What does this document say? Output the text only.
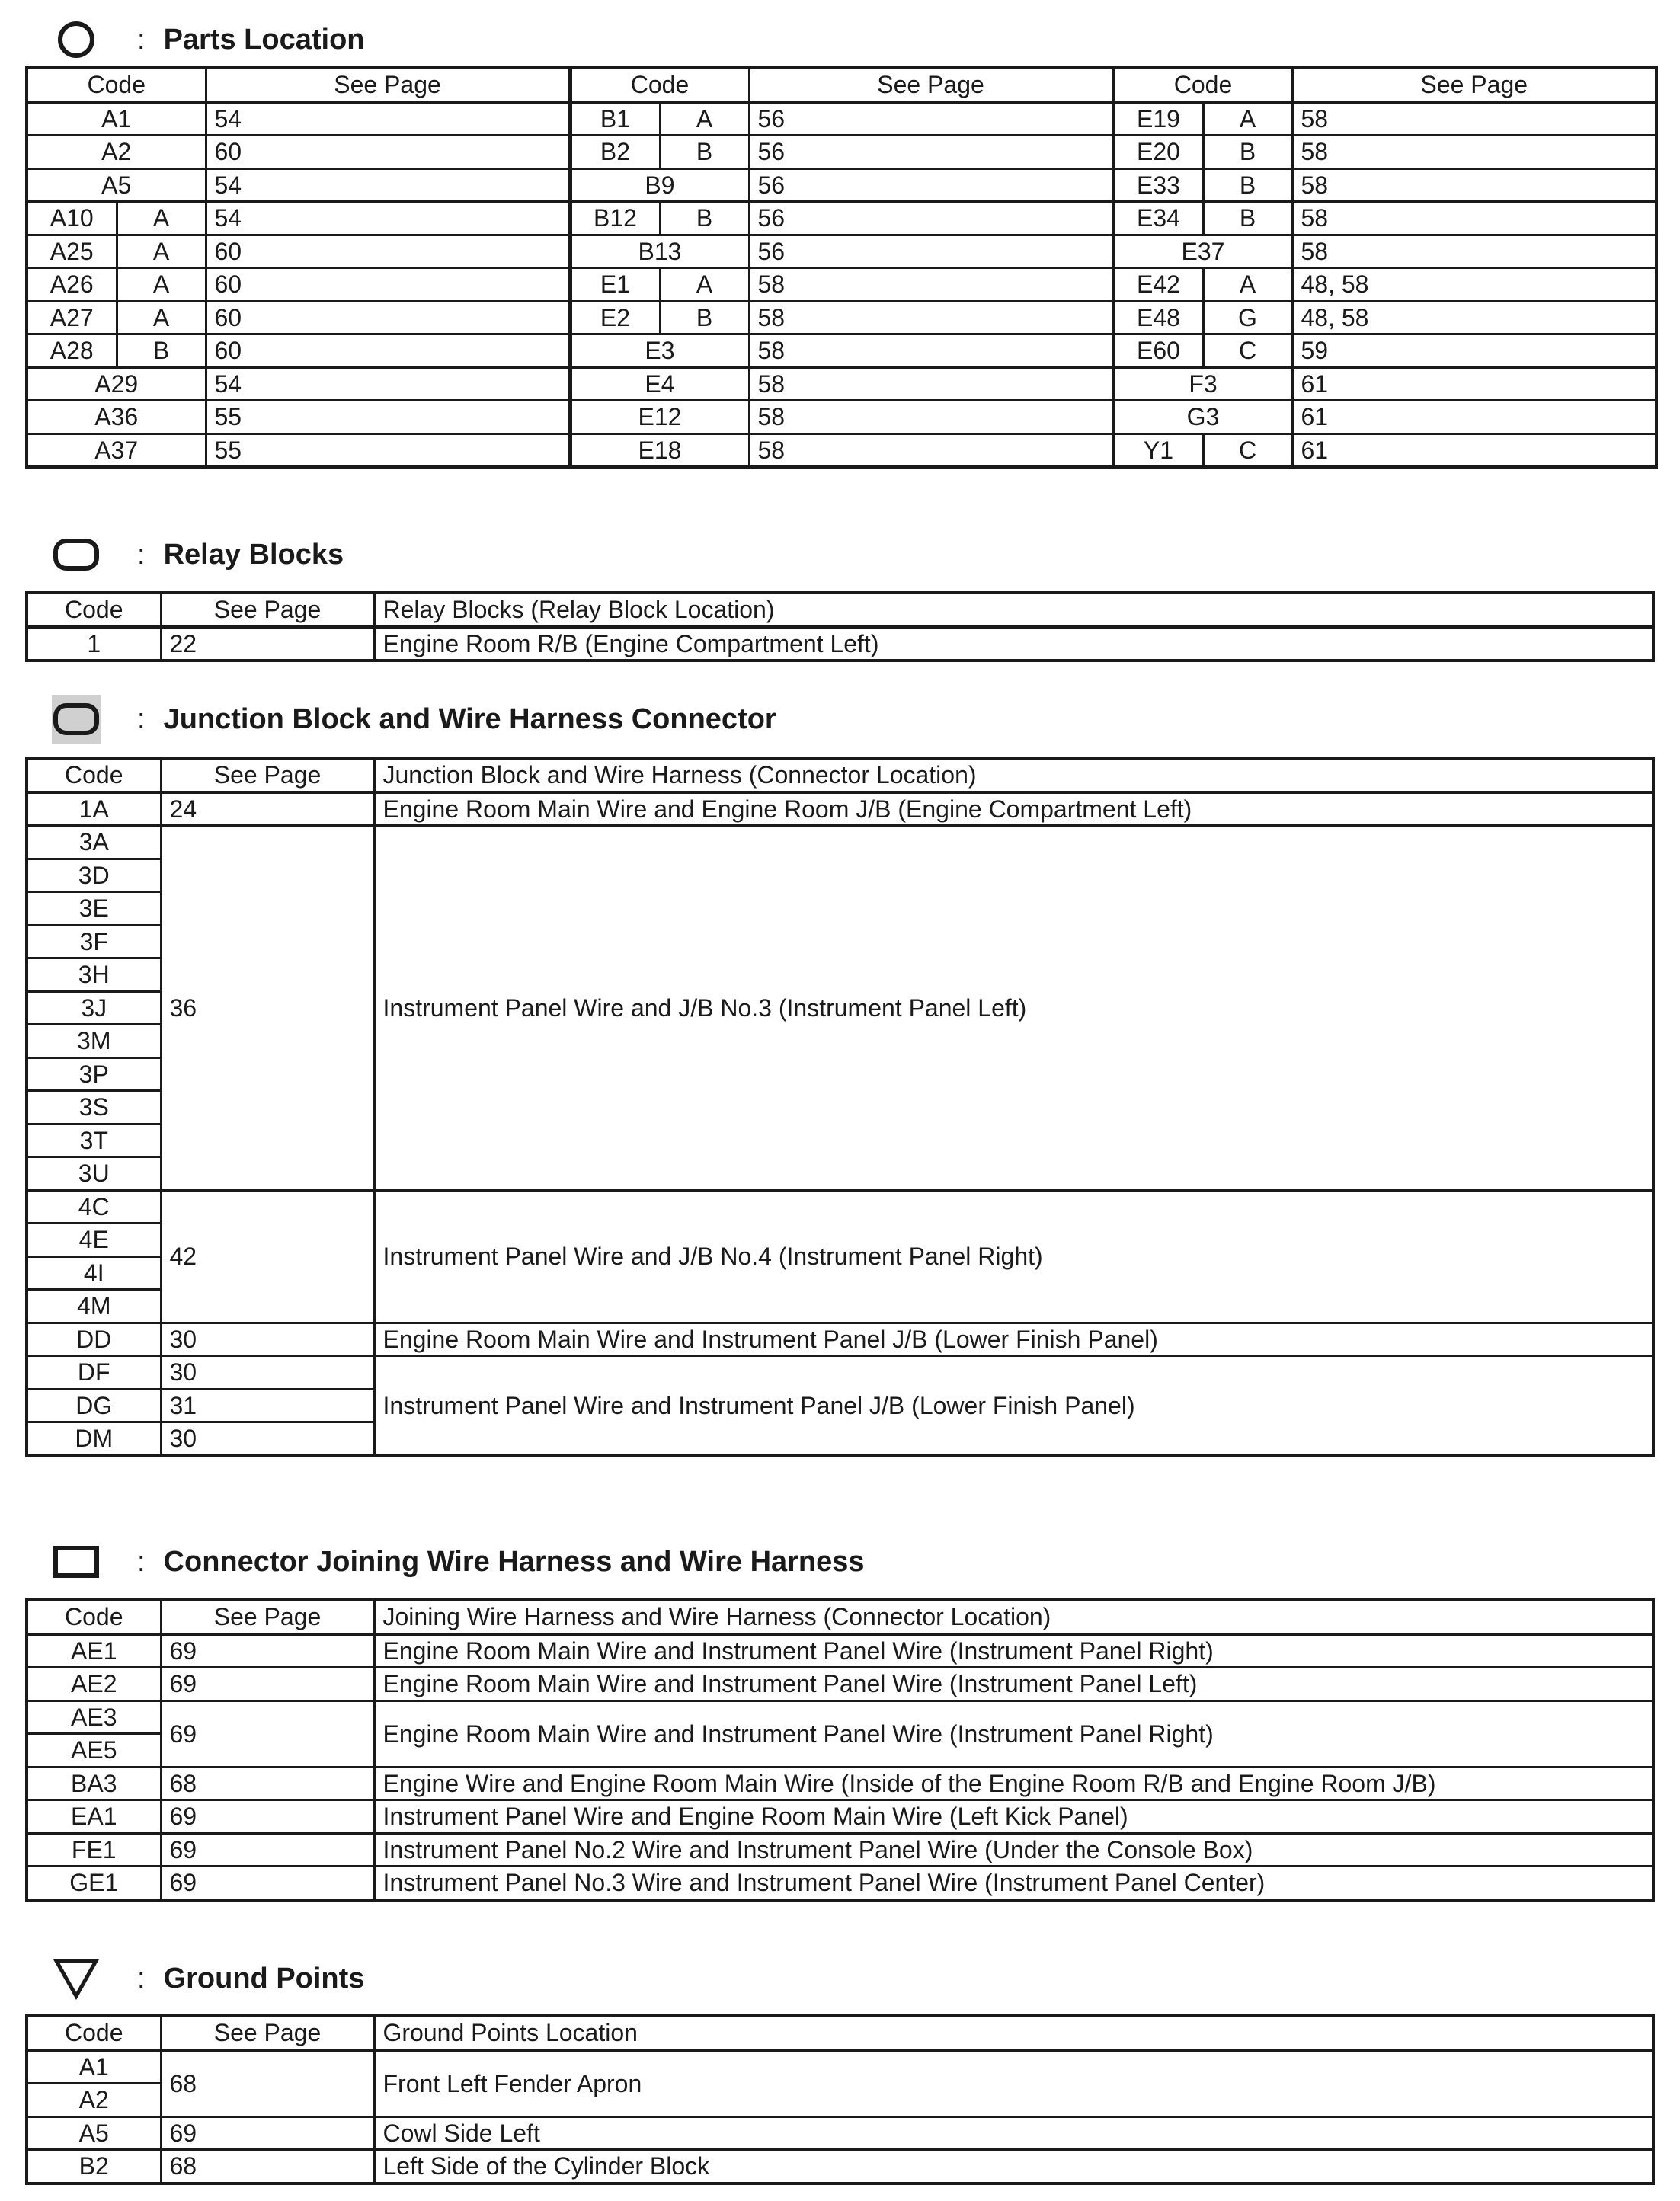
: Parts Location
Code		See Page	Code		See Page	Code		See Page
A1		54	B1	A	56	E19	A	58
A2		60	B2	B	56	E20	B	58
A5		54	B9		56	E33	B	58
A10	A	54	B12	B	56	E34	B	58
A25	A	60	B13		56	E37		58
A26	A	60	E1	A	58	E42	A	48, 58
A27	A	60	E2	B	58	E48	G	48, 58
A28	B	60	E3		58	E60	C	59
A29		54	E4		58	F3		61
A36		55	E12		58	G3		61
A37		55	E18		58	Y1	C	61
: Relay Blocks
Code	See Page	Relay Blocks (Relay Block Location)
1	22	Engine Room R/B (Engine Compartment Left)
: Junction Block and Wire Harness Connector
Code	See Page	Junction Block and Wire Harness (Connector Location)
1A	24	Engine Room Main Wire and Engine Room J/B (Engine Compartment Left)
3A	36	Instrument Panel Wire and J/B No.3 (Instrument Panel Left)
3D		
3E		
3F		
3H		
3J		
3M		
3P		
3S		
3T		
3U		
4C	42	Instrument Panel Wire and J/B No.4 (Instrument Panel Right)
4E		
4I		
4M		
DD	30	Engine Room Main Wire and Instrument Panel J/B (Lower Finish Panel)
DF	30	Instrument Panel Wire and Instrument Panel J/B (Lower Finish Panel)
DG	31	
DM	30	
: Connector Joining Wire Harness and Wire Harness
Code	See Page	Joining Wire Harness and Wire Harness (Connector Location)
AE1	69	Engine Room Main Wire and Instrument Panel Wire (Instrument Panel Right)
AE2	69	Engine Room Main Wire and Instrument Panel Wire (Instrument Panel Left)
AE3	69	Engine Room Main Wire and Instrument Panel Wire (Instrument Panel Right)
AE5		
BA3	68	Engine Wire and Engine Room Main Wire (Inside of the Engine Room R/B and Engine Room J/B)
EA1	69	Instrument Panel Wire and Engine Room Main Wire (Left Kick Panel)
FE1	69	Instrument Panel No.2 Wire and Instrument Panel Wire (Under the Console Box)
GE1	69	Instrument Panel No.3 Wire and Instrument Panel Wire (Instrument Panel Center)
: Ground Points
Code	See Page	Ground Points Location
A1	68	Front Left Fender Apron
A2		
A5	69	Cowl Side Left
B2	68	Left Side of the Cylinder Block
